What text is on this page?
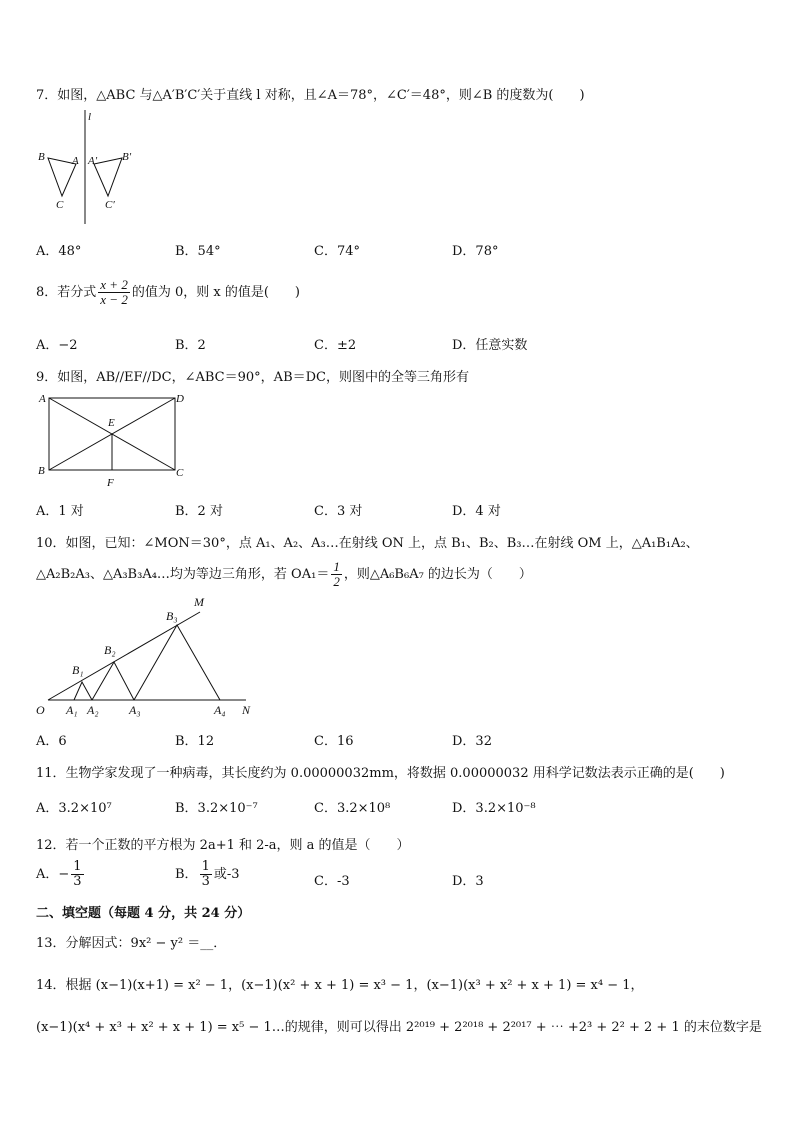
7．如图，△ABC 与△A′B′C′关于直线 l 对称，且∠A＝78°，∠C′＝48°，则∠B 的度数为(　　)
l
B A
C
A′ B′
C′
A．48°	B．54°	C．74°	D．78°
8．若分式 $\frac{x + 2}{x - 2}$ 的值为 0，则 x 的值是(　　)
A．−2	B．2	C．±2	D．任意实数
9．如图，AB//EF//DC，∠ABC＝90°，AB＝DC，则图中的全等三角形有
A	D
E
B	C
F
A．1 对	B．2 对	C．3 对	D．4 对
10．如图，已知：∠MON＝30°，点 A₁、A₂、A₃…在射线 ON 上，点 B₁、B₂、B₃…在射线 OM 上，△A₁B₁A₂、
△A₂B₂A₃、△A₃B₃A₄…均为等边三角形，若 $OA_1= \frac{1}{2}$ ，则△A₆B₆A₇ 的边长为（　　）
M
O	N
B₁
B₂
B₃
A₁ A₂	A₃	A₄
A．6	B．12	C．16	D．32
11．生物学家发现了一种病毒，其长度约为 0.00000032mm，将数据 0.00000032 用科学记数法表示正确的是(　　)
A．3.2×10⁷	B．3.2×10⁻⁷	C．3.2×10⁸	D．3.2×10⁻⁸
12．若一个正数的平方根为 2a+1 和 2-a，则 a 的值是（　　）
A．− $\frac{1}{3}$	B． $\frac{1}{3}$ 或-3	C．-3	D．3
二、填空题（每题 4 分，共 24 分）
13．分解因式：9x² − y² ＝__．
14．根据 (x−1)(x+1) = x² − 1，(x−1)(x² + x + 1) = x³ − 1，(x−1)(x³ + x² + x + 1) = x⁴ − 1，
(x−1)(x⁴ + x³ + x² + x + 1) = x⁵ − 1…的规律，则可以得出 2²⁰¹⁹ + 2²⁰¹⁸ + 2²⁰¹⁷ + ⋯ +2³ + 2² + 2 + 1 的末位数字是
